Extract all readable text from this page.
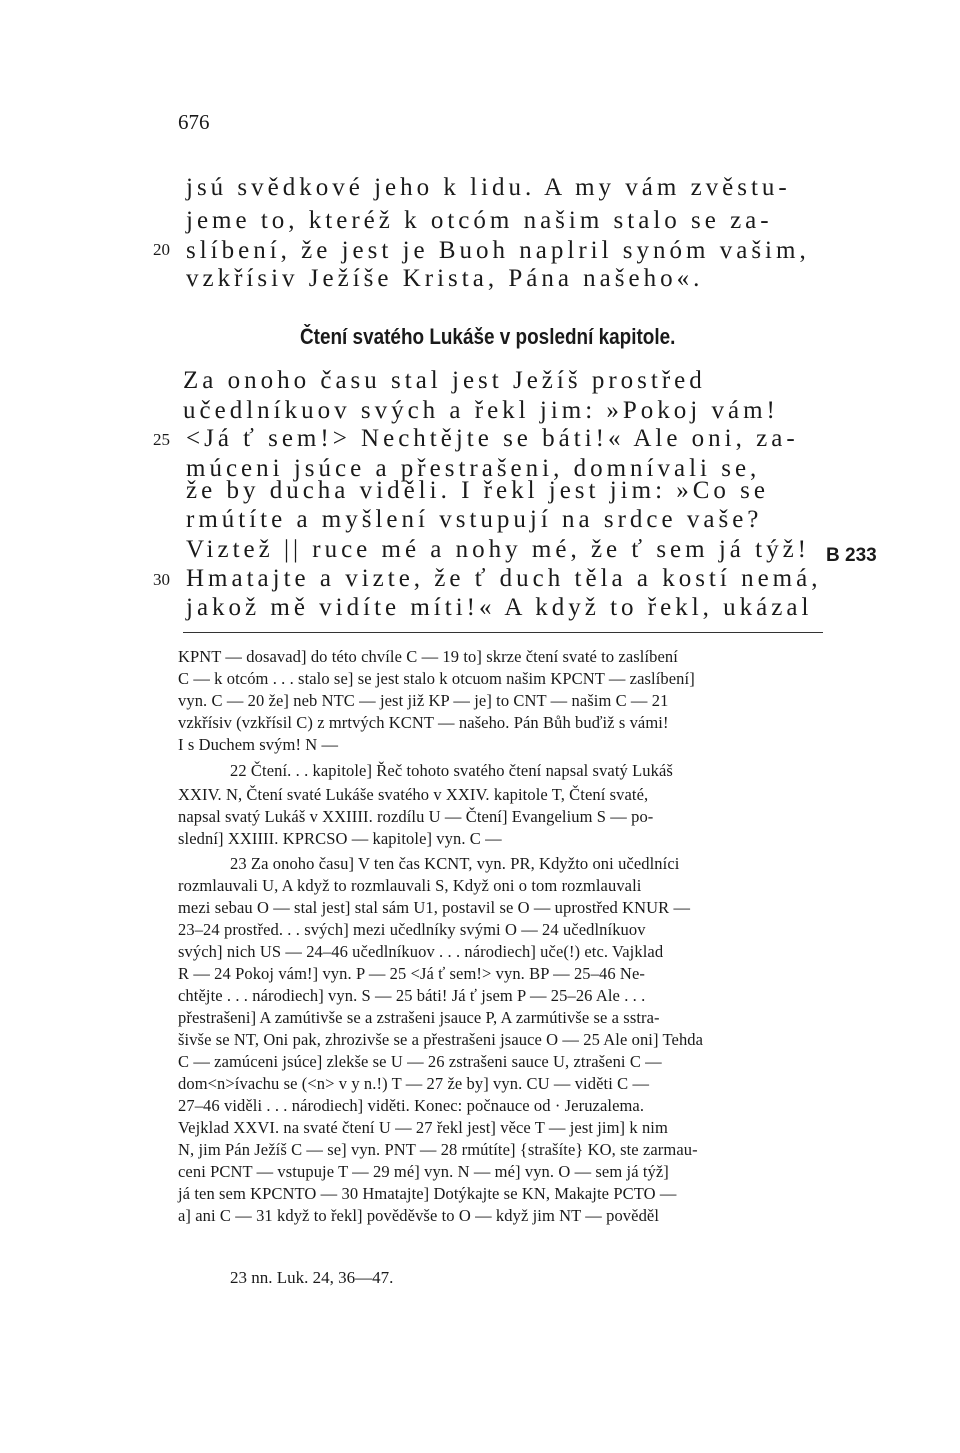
676
jsú svědkové jeho k lidu. A my vám zvěstu-
jeme to, kteréž k otcóm našim stalo se za-
20 slíbení, že jest je Buoh naplril synóm vašim,
vzkřísiv Ježíše Krista, Pána našeho«.
Čtení svatého Lukáše v poslední kapitole.
Za onoho času stal jest Ježíš prostřed
učedlníkuov svých a řekl jim: »Pokoj vám!
25 <Já ť sem!> Nechtějte se báti!« Ale oni, za-
múceni jsúce a přestrašeni, domnívali se,
že by ducha viděli. I řekl jest jim: »Co se
rmútíte a myšlení vstupují na srdce vaše?
Viztež || ruce mé a nohy mé, že ť sem já týž! B 233
30 Hmatajte a vizte, že ť duch těla a kostí nemá,
jakož mě vidíte míti!« A když to řekl, ukázal
KPNT — dosavad] do této chvíle C — 19 to] skrze čtení svaté to zaslíbení
C — k otcóm . . . stalo se] se jest stalo k otcuom našim KPCNT — zaslíbení]
vyn. C — 20 že] neb NTC — jest již KP — je] to CNT — našim C — 21
vzkřísiv (vzkřísil C) z mrtvých KCNT — našeho. Pán Bůh buďiž s vámi!
I s Duchem svým! N —
22 Čtení. . . kapitole] Řeč tohoto svatého čtení napsal svatý Lukáš
XXIV. N, Čtení svaté Lukáše svatého v XXIV. kapitole T, Čtení svaté,
napsal svatý Lukáš v XXIIII. rozdílu U — Čtení] Evangelium S — po-
slední] XXIIII. KPRCSO — kapitole] vyn. C —
23 Za onoho času] V ten čas KCNT, vyn. PR, Kdyžto oni učedlníci
rozmlauvali U, A když to rozmlauvali S, Když oni o tom rozmlauvali
mezi sebau O — stal jest] stal sám U1, postavil se O — uprostřed KNUR —
23–24 prostřed. . . svých] mezi učedlníky svými O — 24 učedlníkuov
svých] nich US — 24–46 učedlníkuov . . . národiech] uče(!) etc. Vajklad
R — 24 Pokoj vám!] vyn. P — 25 <Já ť sem!> vyn. BP — 25–46 Ne-
chtějte . . . národiech] vyn. S — 25 báti! Já ť jsem P — 25–26 Ale . . .
přestrašeni] A zamútivše se a zstrašeni jsauce P, A zarmútivše se a sstra-
šivše se NT, Oni pak, zhrozivše se a přestrašeni jsauce O — 25 Ale oni] Tehda
C — zamúceni jsúce] zlekše se U — 26 zstrašeni sauce U, ztrašeni C —
dom<n>ívachu se (<n> v y n.!) T — 27 že by] vyn. CU — viděti C —
27–46 viděli . . . národiech] viděti. Konec: počnauce od · Jeruzalema.
Vejklad XXVI. na svaté čtení U — 27 řekl jest] věce T — jest jim] k nim
N, jim Pán Ježíš C — se] vyn. PNT — 28 rmútíte] {strašíte} KO, ste zarmau-
ceni PCNT — vstupuje T — 29 mé] vyn. N — mé] vyn. O — sem já týž]
já ten sem KPCNTO — 30 Hmatajte] Dotýkajte se KN, Makajte PCTO —
a] ani C — 31 když to řekl] pověděvše to O — když jim NT — pověděl
23 nn. Luk. 24, 36—47.
